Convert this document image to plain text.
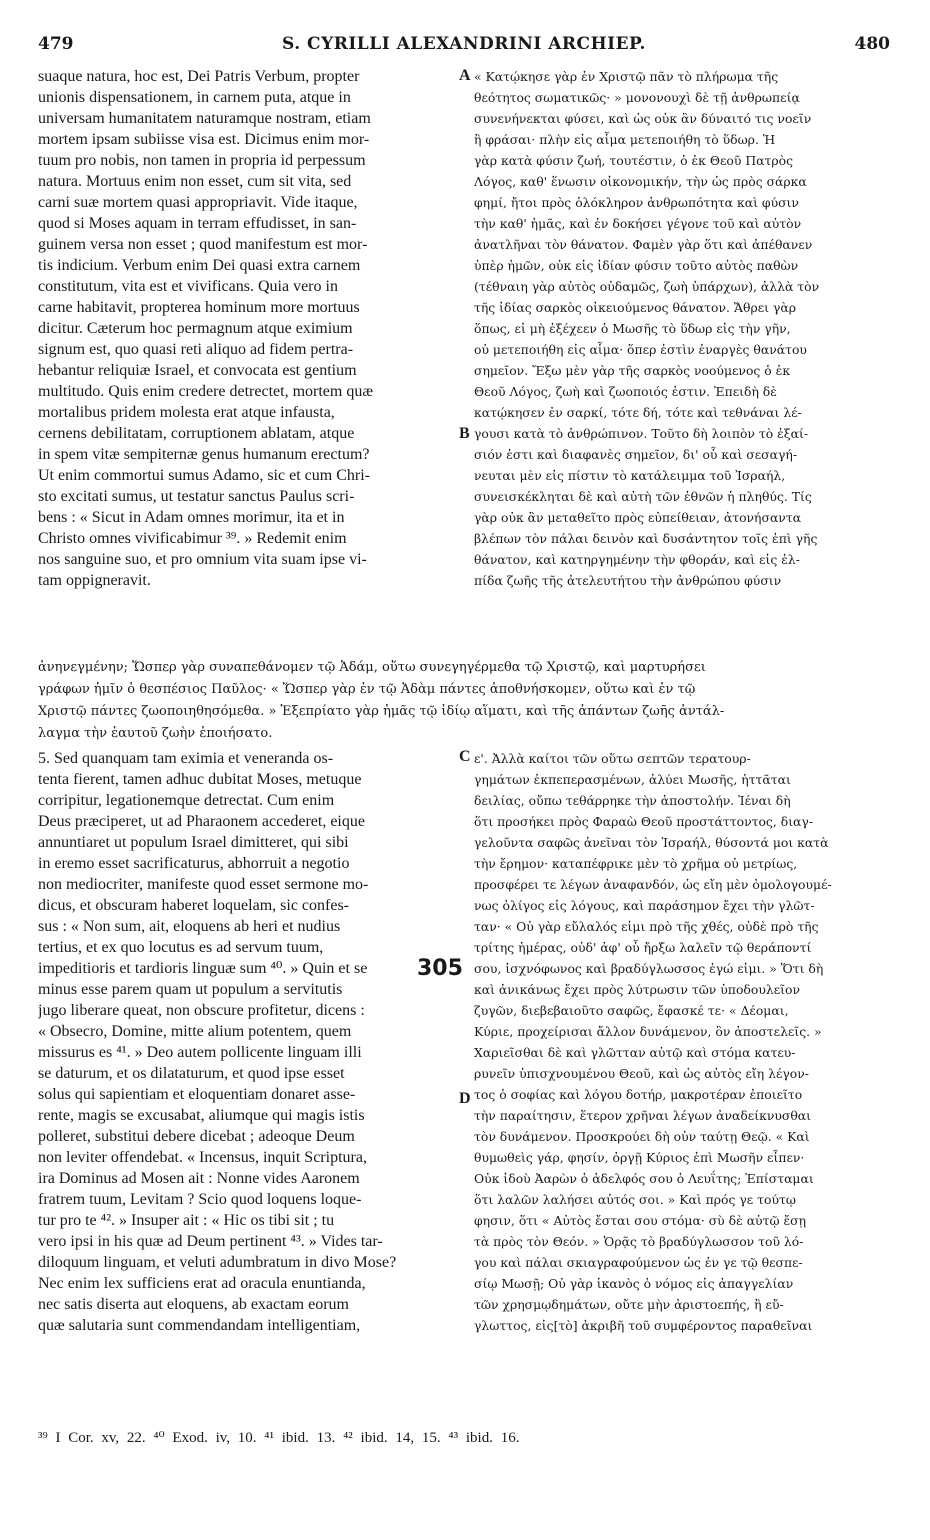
479	S. CYRILLI ALEXANDRINI ARCHIEP.	480
suaque natura, hoc est, Dei Patris Verbum, propter
unionis dispensationem, in carnem puta, atque in
universam humanitatem naturamque nostram, etiam
mortem ipsam subiisse visa est. Dicimus enim mor-
tuum pro nobis, non tamen in propria id perpessum
natura. Mortuus enim non esset, cum sit vita, sed
carni suæ mortem quasi appropriavit. Vide itaque,
quod si Moses aquam in terram effudisset, in san-
guinem versa non esset ; quod manifestum est mor-
tis indicium. Verbum enim Dei quasi extra carnem
constitutum, vita est et vivificans. Quia vero in
carne habitavit, propterea hominum more mortuus
dicitur. Cæterum hoc permagnum atque eximium
signum est, quo quasi reti aliquo ad fidem pertra-
hebantur reliquiæ Israel, et convocata est gentium
multitudo. Quis enim credere detrectet, mortem quæ
mortalibus pridem molesta erat atque infausta,
cernens debilitatam, corruptionem ablatam, atque
in spem vitæ sempiternæ genus humanum erectum?
Ut enim commortui sumus Adamo, sic et cum Chri-
sto excitati sumus, ut testatur sanctus Paulus scri-
bens : « Sicut in Adam omnes morimur, ita et in
Christo omnes vivificabimur ³⁹. » Redemit enim
nos sanguine suo, et pro omnium vita suam ipse vi-
tam oppigneravit.
« Κατῴκησε γὰρ ἐν Χριστῷ πᾶν τὸ πλήρωμα τῆς
θεότητος σωματικῶς· » μονονουχὶ δὲ τῇ ἀνθρωπείᾳ
συνενήνεκται φύσει, καὶ ὡς οὐκ ἂν δύναιτό τις νοεῖν
ἢ φράσαι· πλὴν εἰς αἷμα μετεποιήθη τὸ ὕδωρ. Ἡ
γὰρ κατὰ φύσιν ζωή, τουτέστιν, ὁ ἐκ Θεοῦ Πατρὸς
Λόγος, καθ' ἕνωσιν οἰκονομικήν, τὴν ὡς πρὸς σάρκα
φημί, ἤτοι πρὸς ὁλόκληρον ἀνθρωπότητα καὶ φύσιν
τὴν καθ' ἡμᾶς, καὶ ἐν δοκήσει γέγονε τοῦ καὶ αὐτὸν
ἀνατλῆναι τὸν θάνατον. Φαμὲν γὰρ ὅτι καὶ ἀπέθανεν
ὑπὲρ ἡμῶν, οὐκ εἰς ἰδίαν φύσιν τοῦτο αὐτὸς παθὼν
(τέθναιη γὰρ αὐτὸς οὐδαμῶς, ζωὴ ὑπάρχων), ἀλλὰ τὸν
τῆς ἰδίας σαρκὸς οἰκειούμενος θάνατον. Ἄθρει γὰρ
ὅπως, εἰ μὴ ἐξέχεεν ὁ Μωσῆς τὸ ὕδωρ εἰς τὴν γῆν,
οὐ μετεποιήθη εἰς αἷμα· ὅπερ ἐστὶν ἐναργὲς θανάτου
σημεῖον. Ἔξω μὲν γὰρ τῆς σαρκὸς νοούμενος ὁ ἐκ
Θεοῦ Λόγος, ζωὴ καὶ ζωοποιός ἐστιν. Ἐπειδὴ δὲ
κατῴκησεν ἐν σαρκί, τότε δή, τότε καὶ τεθνάναι λέ-
γουσι κατὰ τὸ ἀνθρώπινον. Τοῦτο δὴ λοιπὸν τὸ ἐξαί-
σιόν ἐστι καὶ διαφανὲς σημεῖον, δι' οὗ καὶ σεσαγή-
νευται μὲν εἰς πίστιν τὸ κατάλειμμα τοῦ Ἰσραήλ,
συνεισκέκληται δὲ καὶ αὐτὴ τῶν ἐθνῶν ἡ πληθύς. Τίς
γὰρ οὐκ ἂν μεταθεῖτο πρὸς εὐπείθειαν, ἀτονήσαντα
βλέπων τὸν πάλαι δεινὸν καὶ δυσάντητον τοῖς ἐπὶ γῆς
θάνατον, καὶ κατηργημένην τὴν φθοράν, καὶ εἰς ἐλ-
πίδα ζωῆς τῆς ἀτελευτήτου τὴν ἀνθρώπου φύσιν
ἀνηνεγμένην; Ὥσπερ γὰρ συναπεθάνομεν τῷ Ἀδάμ, οὕτω συνεγηγέρμεθα τῷ Χριστῷ, καὶ μαρτυρήσει
γράφων ἡμῖν ὁ θεσπέσιος Παῦλος· « Ὥσπερ γὰρ ἐν τῷ Ἀδὰμ πάντες ἀποθνήσκομεν, οὕτω καὶ ἐν τῷ
Χριστῷ πάντες ζωοποιηθησόμεθα. » Ἐξεπρίατο γὰρ ἡμᾶς τῷ ἰδίῳ αἵματι, καὶ τῆς ἁπάντων ζωῆς ἀντάλ-
λαγμα τὴν ἑαυτοῦ ζωὴν ἐποιήσατο.
5. Sed quanquam tam eximia et veneranda os-
tenta fierent, tamen adhuc dubitat Moses, metuque
corripitur, legationemque detrectat. Cum enim
Deus præciperet, ut ad Pharaonem accederet, eique
annuntiaret ut populum Israel dimitteret, qui sibi
in eremo esset sacrificaturus, abhorruit a negotio
non mediocriter, manifeste quod esset sermone mo-
dicus, et obscuram haberet loquelam, sic confes-
sus : « Non sum, ait, eloquens ab heri et nudius
tertius, et ex quo locutus es ad servum tuum,
impeditioris et tardioris linguæ sum ⁴⁰. » Quin et se
minus esse parem quam ut populum a servitutis
jugo liberare queat, non obscure profitetur, dicens :
« Obsecro, Domine, mitte alium potentem, quem
missurus es ⁴¹. » Deo autem pollicente linguam illi
se daturum, et os dilataturum, et quod ipse esset
solus qui sapientiam et eloquentiam donaret asse-
rente, magis se excusabat, aliumque qui magis istis
polleret, substitui debere dicebat ; adeoque Deum
non leviter offendebat. « Incensus, inquit Scriptura,
ira Dominus ad Mosen ait : Nonne vides Aaronem
fratrem tuum, Levitam ? Scio quod loquens loque-
tur pro te ⁴². » Insuper ait : « Hic os tibi sit ; tu
vero ipsi in his quæ ad Deum pertinent ⁴³. » Vides tar-
diloquum linguam, et veluti adumbratum in divo Mose?
Nec enim lex sufficiens erat ad oracula enuntianda,
nec satis diserta aut eloquens, ab exactam eorum
quæ salutaria sunt commendandam intelligentiam,
ε'. Ἀλλὰ καίτοι τῶν οὕτω σεπτῶν τερατουρ-
γημάτων ἐκπεπερασμένων, ἀλύει Μωσῆς, ἡττᾶται
δειλίας, οὔπω τεθάρρηκε τὴν ἀποστολήν. Ἰέναι δὴ
ὅτι προσήκει πρὸς Φαραὼ Θεοῦ προστάττοντος, διαγ-
γελοῦντα σαφῶς ἀνεῖναι τὸν Ἰσραήλ, θύσοντά μοι κατὰ
τὴν ἔρημον· καταπέφρικε μὲν τὸ χρῆμα οὐ μετρίως,
προσφέρει τε λέγων ἀναφανδόν, ὡς εἴη μὲν ὀμολογουμέ-
νως ὀλίγος εἰς λόγους, καὶ παράσημον ἔχει τὴν γλῶτ-
ταν· « Οὐ γὰρ εὔλαλός εἰμι πρὸ τῆς χθές, οὐδὲ πρὸ τῆς
τρίτης ἡμέρας, οὐδ' ἀφ' οὗ ἤρξω λαλεῖν τῷ θεράποντί
σου, ἰσχνόφωνος καὶ βραδύγλωσσος ἐγώ εἰμι. » Ὅτι δὴ
καὶ ἀνικάνως ἔχει πρὸς λύτρωσιν τῶν ὑποδουλεῖον
ζυγῶν, διεβεβαιοῦτο σαφῶς, ἔφασκέ τε· « Δέομαι,
Κύριε, προχείρισαι ἄλλον δυνάμενον, ὃν ἀποστελεῖς. »
Χαριεῖσθαι δὲ καὶ γλῶτταν αὐτῷ καὶ στόμα κατευ-
ρυνεῖν ὑπισχνουμένου Θεοῦ, καὶ ὡς αὐτὸς εἴη λέγον-
τος ὁ σοφίας καὶ λόγου δοτήρ, μακροτέραν ἐποιεῖτο
τὴν παραίτησιν, ἕτερον χρῆναι λέγων ἀναδείκνυσθαι
τὸν δυνάμενον. Προσκρούει δὴ οὐν ταύτῃ Θεῷ. « Καὶ
θυμωθεὶς γάρ, φησίν, ὀργῇ Κύριος ἐπὶ Μωσῆν εἶπεν·
Οὐκ ἰδοὺ Ἀαρὼν ὁ ἀδελφός σου ὁ Λευΐτης; Ἐπίσταμαι
ὅτι λαλῶν λαλήσει αὐτός σοι. » Καὶ πρός γε τούτῳ
φησιν, ὅτι « Αὐτὸς ἔσται σου στόμα· σὺ δὲ αὐτῷ ἔσῃ
τὰ πρὸς τὸν Θεόν. » Ὁρᾷς τὸ βραδύγλωσσον τοῦ λό-
γου καὶ πάλαι σκιαγραφούμενον ὡς ἐν γε τῷ θεσπε-
σίῳ Μωσῇ; Οὐ γὰρ ἱκανὸς ὁ νόμος εἰς ἀπαγγελίαν
τῶν χρησμῳδημάτων, οὔτε μὴν ἀριστοεπής, ἢ εὔ-
γλωττος, εἰς[τὸ] ἀκριβῆ τοῦ συμφέροντος παραθεῖναι
A
B
C
D
305
³⁹ I Cor. xv, 22. ⁴⁰ Exod. iv, 10. ⁴¹ ibid. 13. ⁴² ibid. 14, 15. ⁴³ ibid. 16.
